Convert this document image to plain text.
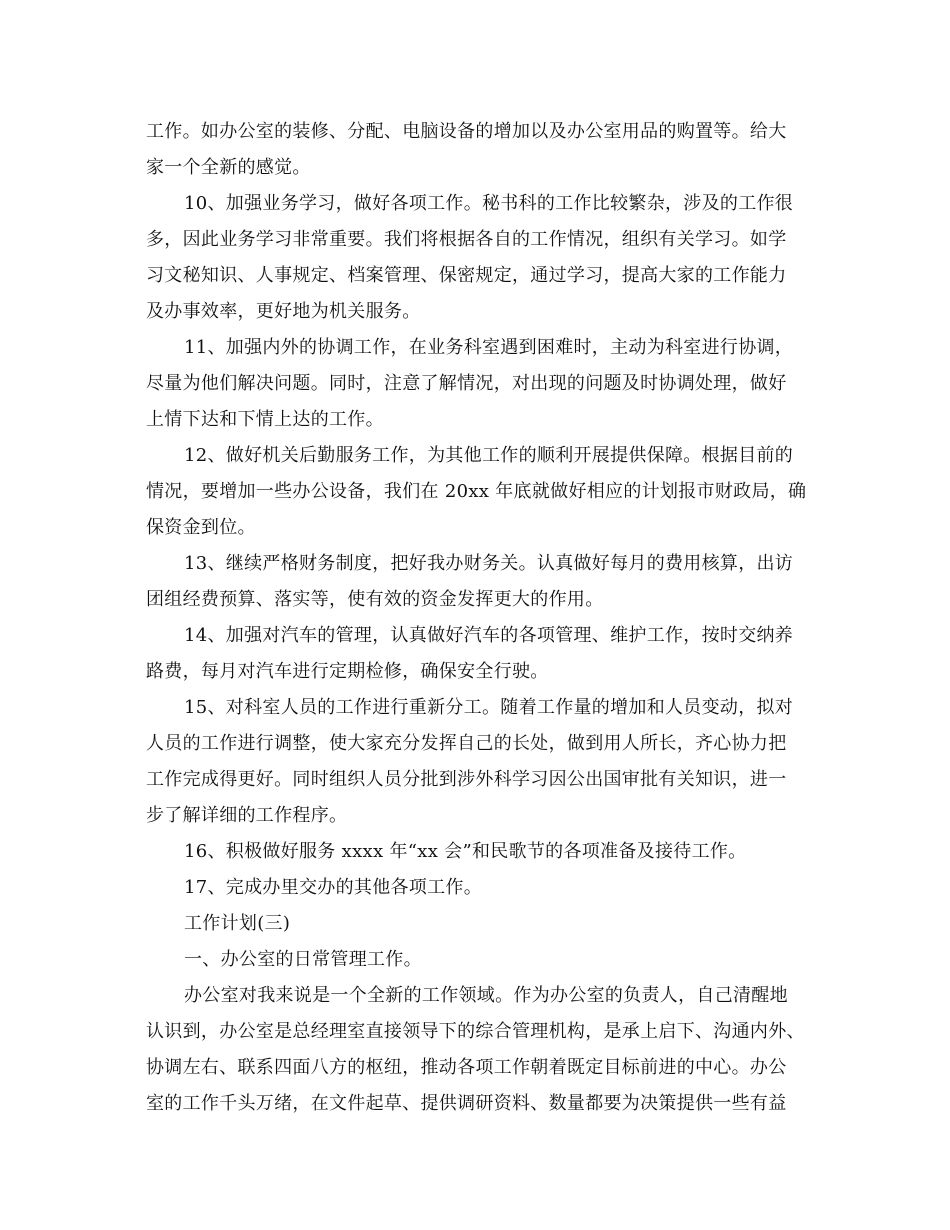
工作。如办公室的装修、分配、电脑设备的增加以及办公室用品的购置等。给大
家一个全新的感觉。
10、加强业务学习，做好各项工作。秘书科的工作比较繁杂，涉及的工作很
多，因此业务学习非常重要。我们将根据各自的工作情况，组织有关学习。如学
习文秘知识、人事规定、档案管理、保密规定，通过学习，提高大家的工作能力
及办事效率，更好地为机关服务。
11、加强内外的协调工作，在业务科室遇到困难时，主动为科室进行协调，
尽量为他们解决问题。同时，注意了解情况，对出现的问题及时协调处理，做好
上情下达和下情上达的工作。
12、做好机关后勤服务工作，为其他工作的顺利开展提供保障。根据目前的
情况，要增加一些办公设备，我们在 20xx 年底就做好相应的计划报市财政局，确
保资金到位。
13、继续严格财务制度，把好我办财务关。认真做好每月的费用核算，出访
团组经费预算、落实等，使有效的资金发挥更大的作用。
14、加强对汽车的管理，认真做好汽车的各项管理、维护工作，按时交纳养
路费，每月对汽车进行定期检修，确保安全行驶。
15、对科室人员的工作进行重新分工。随着工作量的增加和人员变动，拟对
人员的工作进行调整，使大家充分发挥自己的长处，做到用人所长，齐心协力把
工作完成得更好。同时组织人员分批到涉外科学习因公出国审批有关知识，进一
步了解详细的工作程序。
16、积极做好服务 xxxx 年“xx 会”和民歌节的各项准备及接待工作。
17、完成办里交办的其他各项工作。
工作计划(三)
一、办公室的日常管理工作。
办公室对我来说是一个全新的工作领域。作为办公室的负责人，自己清醒地
认识到，办公室是总经理室直接领导下的综合管理机构，是承上启下、沟通内外、
协调左右、联系四面八方的枢纽，推动各项工作朝着既定目标前进的中心。办公
室的工作千头万绪，在文件起草、提供调研资料、数量都要为决策提供一些有益
